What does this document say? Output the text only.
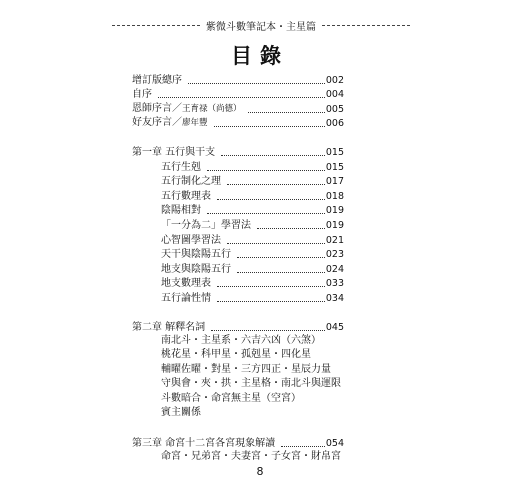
紫微斗數筆記本・主星篇
目錄
增訂版總序	002
自序	004
恩師序言／王育禄（尚德）	005
好友序言／廖年豐	006
第一章 五行與干支	015
五行生剋	015
五行制化之理	017
五行數理表	018
陰陽相對	019
「一分為二」學習法	019
心智圖學習法	021
天干與陰陽五行	023
地支與陰陽五行	024
地支數理表	033
五行論性情	034
第二章 解釋名詞	045
南北斗・主星系・六吉六凶（六煞）
桃花星・科甲星・孤剋星・四化星
輔曜佐曜・對星・三方四正・星辰力量
守與會・夾・拱・主星格・南北斗與運限
斗數暗合・命宮無主星（空宮）
賓主關係
第三章 命宮十二宮各宮現象解讀	054
命宮・兄弟宮・夫妻宮・子女宮・財帛宮
8
